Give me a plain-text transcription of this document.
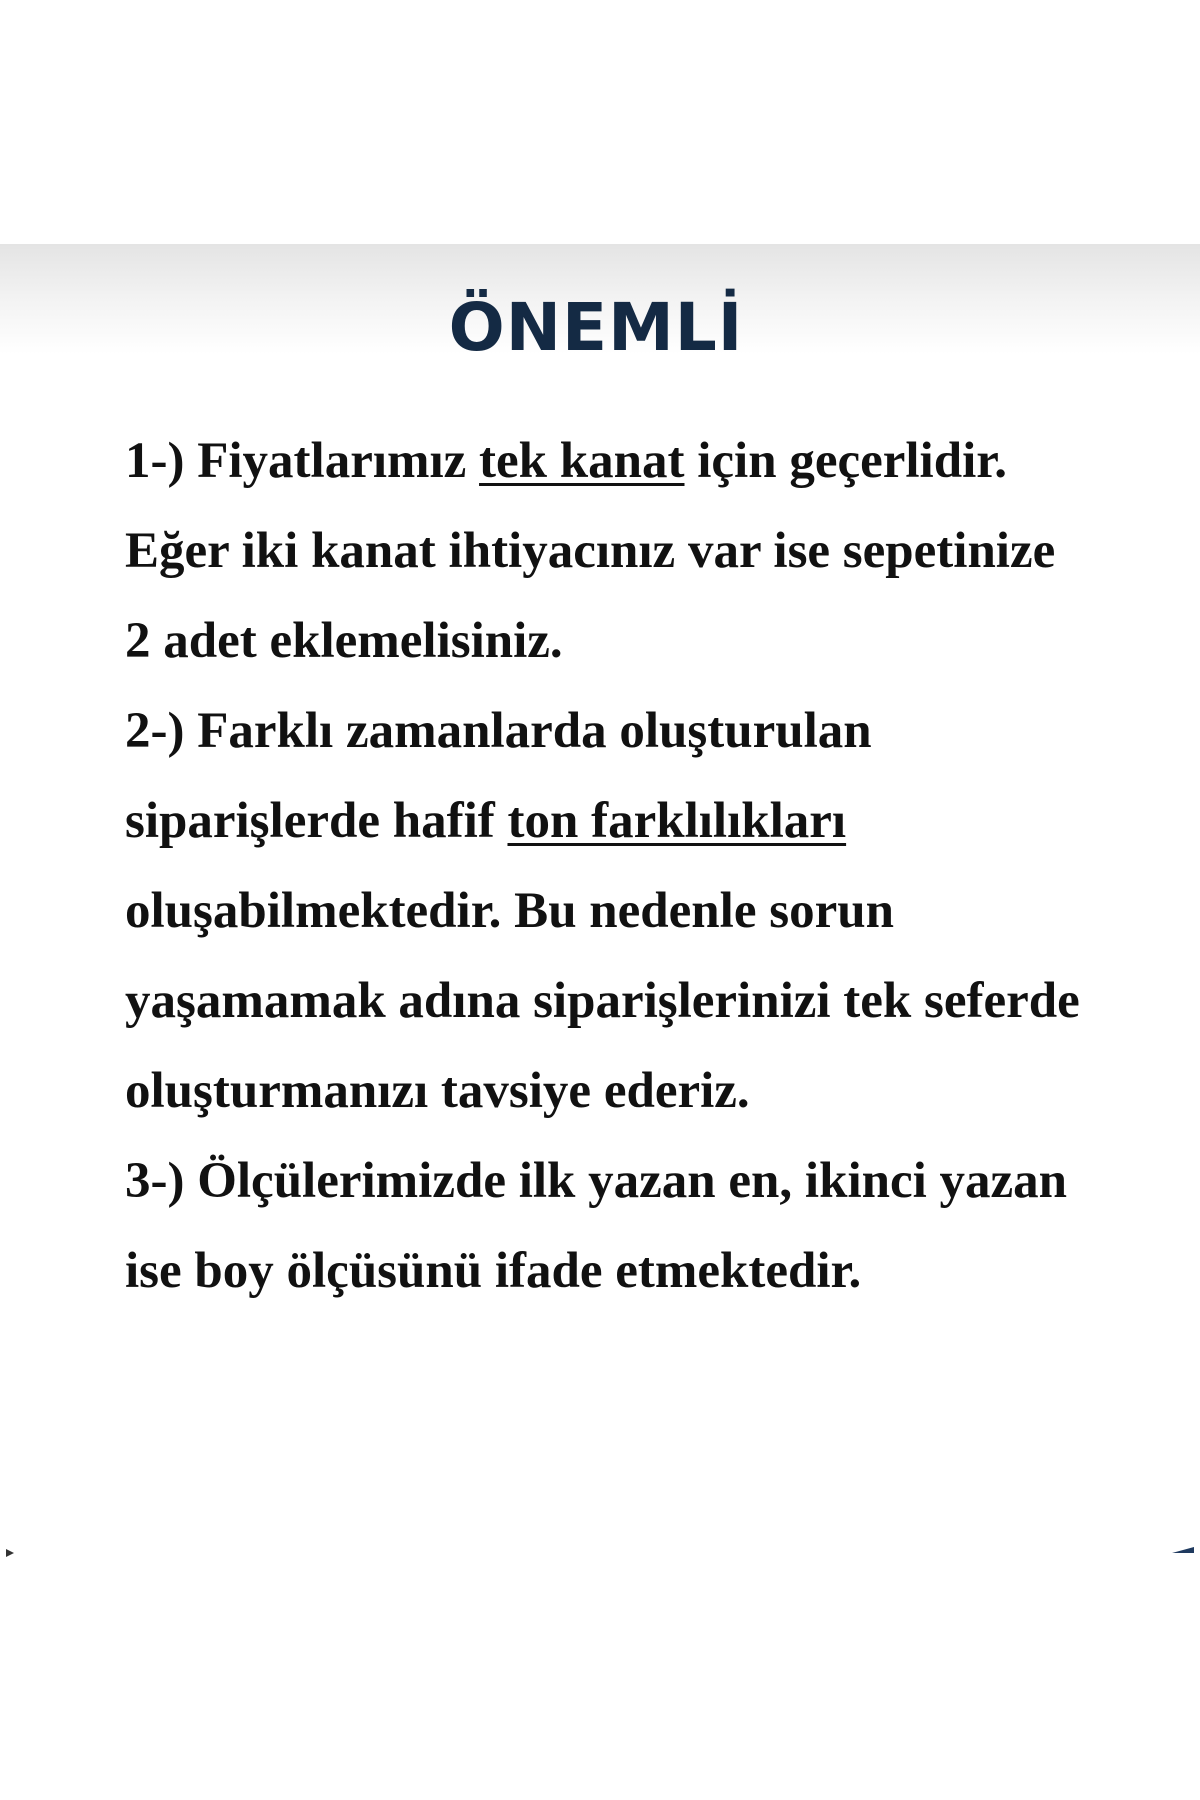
ÖNEMLİ

1-) Fiyatlarımız tek kanat için geçerlidir. Eğer iki kanat ihtiyacınız var ise sepetinize 2 adet eklemelisiniz.

2-) Farklı zamanlarda oluşturulan siparişlerde hafif ton farklılıkları oluşabilmektedir. Bu nedenle sorun yaşamamak adına siparişlerinizi tek seferde oluşturmanızı tavsiye ederiz.

3-) Ölçülerimizde ilk yazan en, ikinci yazan ise boy ölçüsünü ifade etmektedir.
